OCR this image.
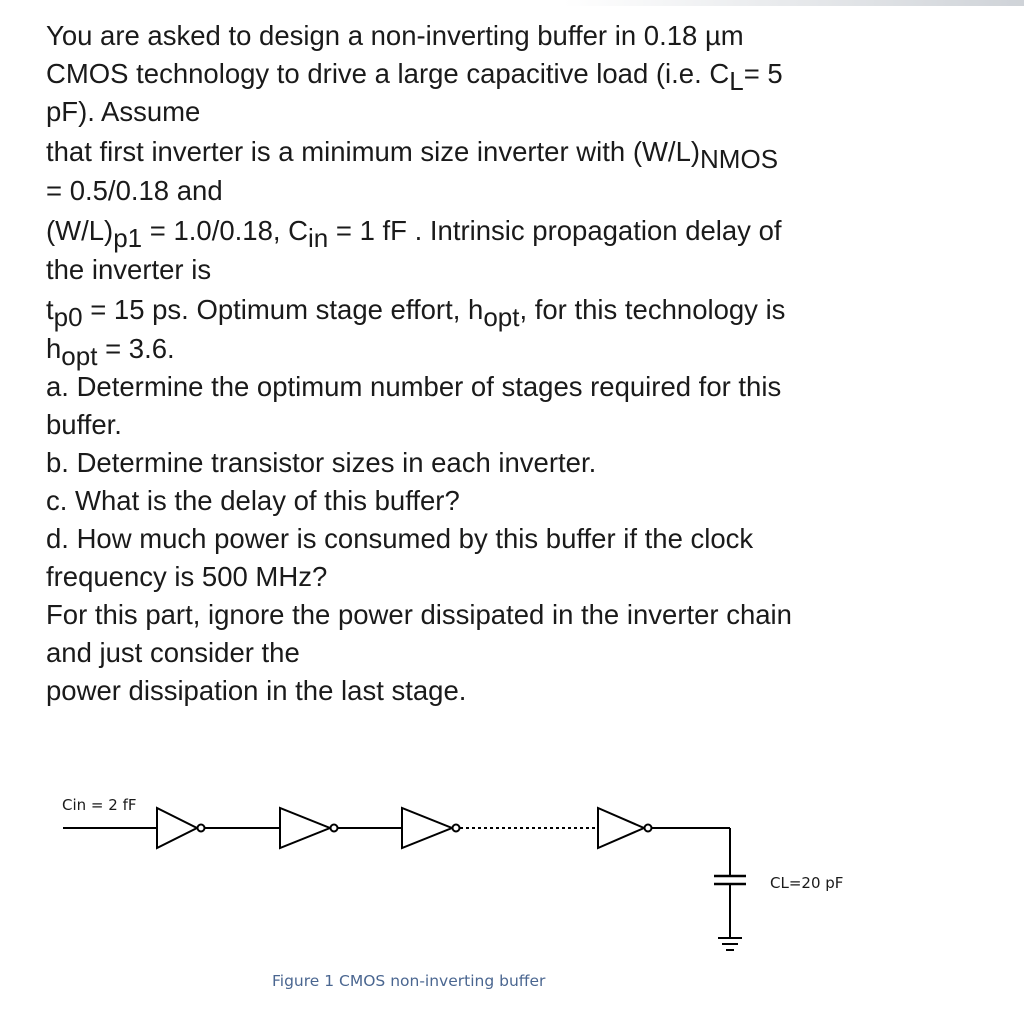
You are asked to design a non-inverting buffer in 0.18 µm

CMOS technology to drive a large capacitive load (i.e. CL= 5

pF). Assume

that first inverter is a minimum size inverter with (W/L)NMOS

= 0.5/0.18 and

(W/L)p1 = 1.0/0.18, Cin = 1 fF . Intrinsic propagation delay of

the inverter is

tp0 = 15 ps. Optimum stage effort, hopt, for this technology is

hopt = 3.6.

a. Determine the optimum number of stages required for this

buffer.

b. Determine transistor sizes in each inverter.

c. What is the delay of this buffer?

d. How much power is consumed by this buffer if the clock

frequency is 500 MHz?

For this part, ignore the power dissipated in the inverter chain

and just consider the

power dissipation in the last stage.

Cin = 2 fF
CL=20 pF
Figure 1 CMOS non-inverting buffer
